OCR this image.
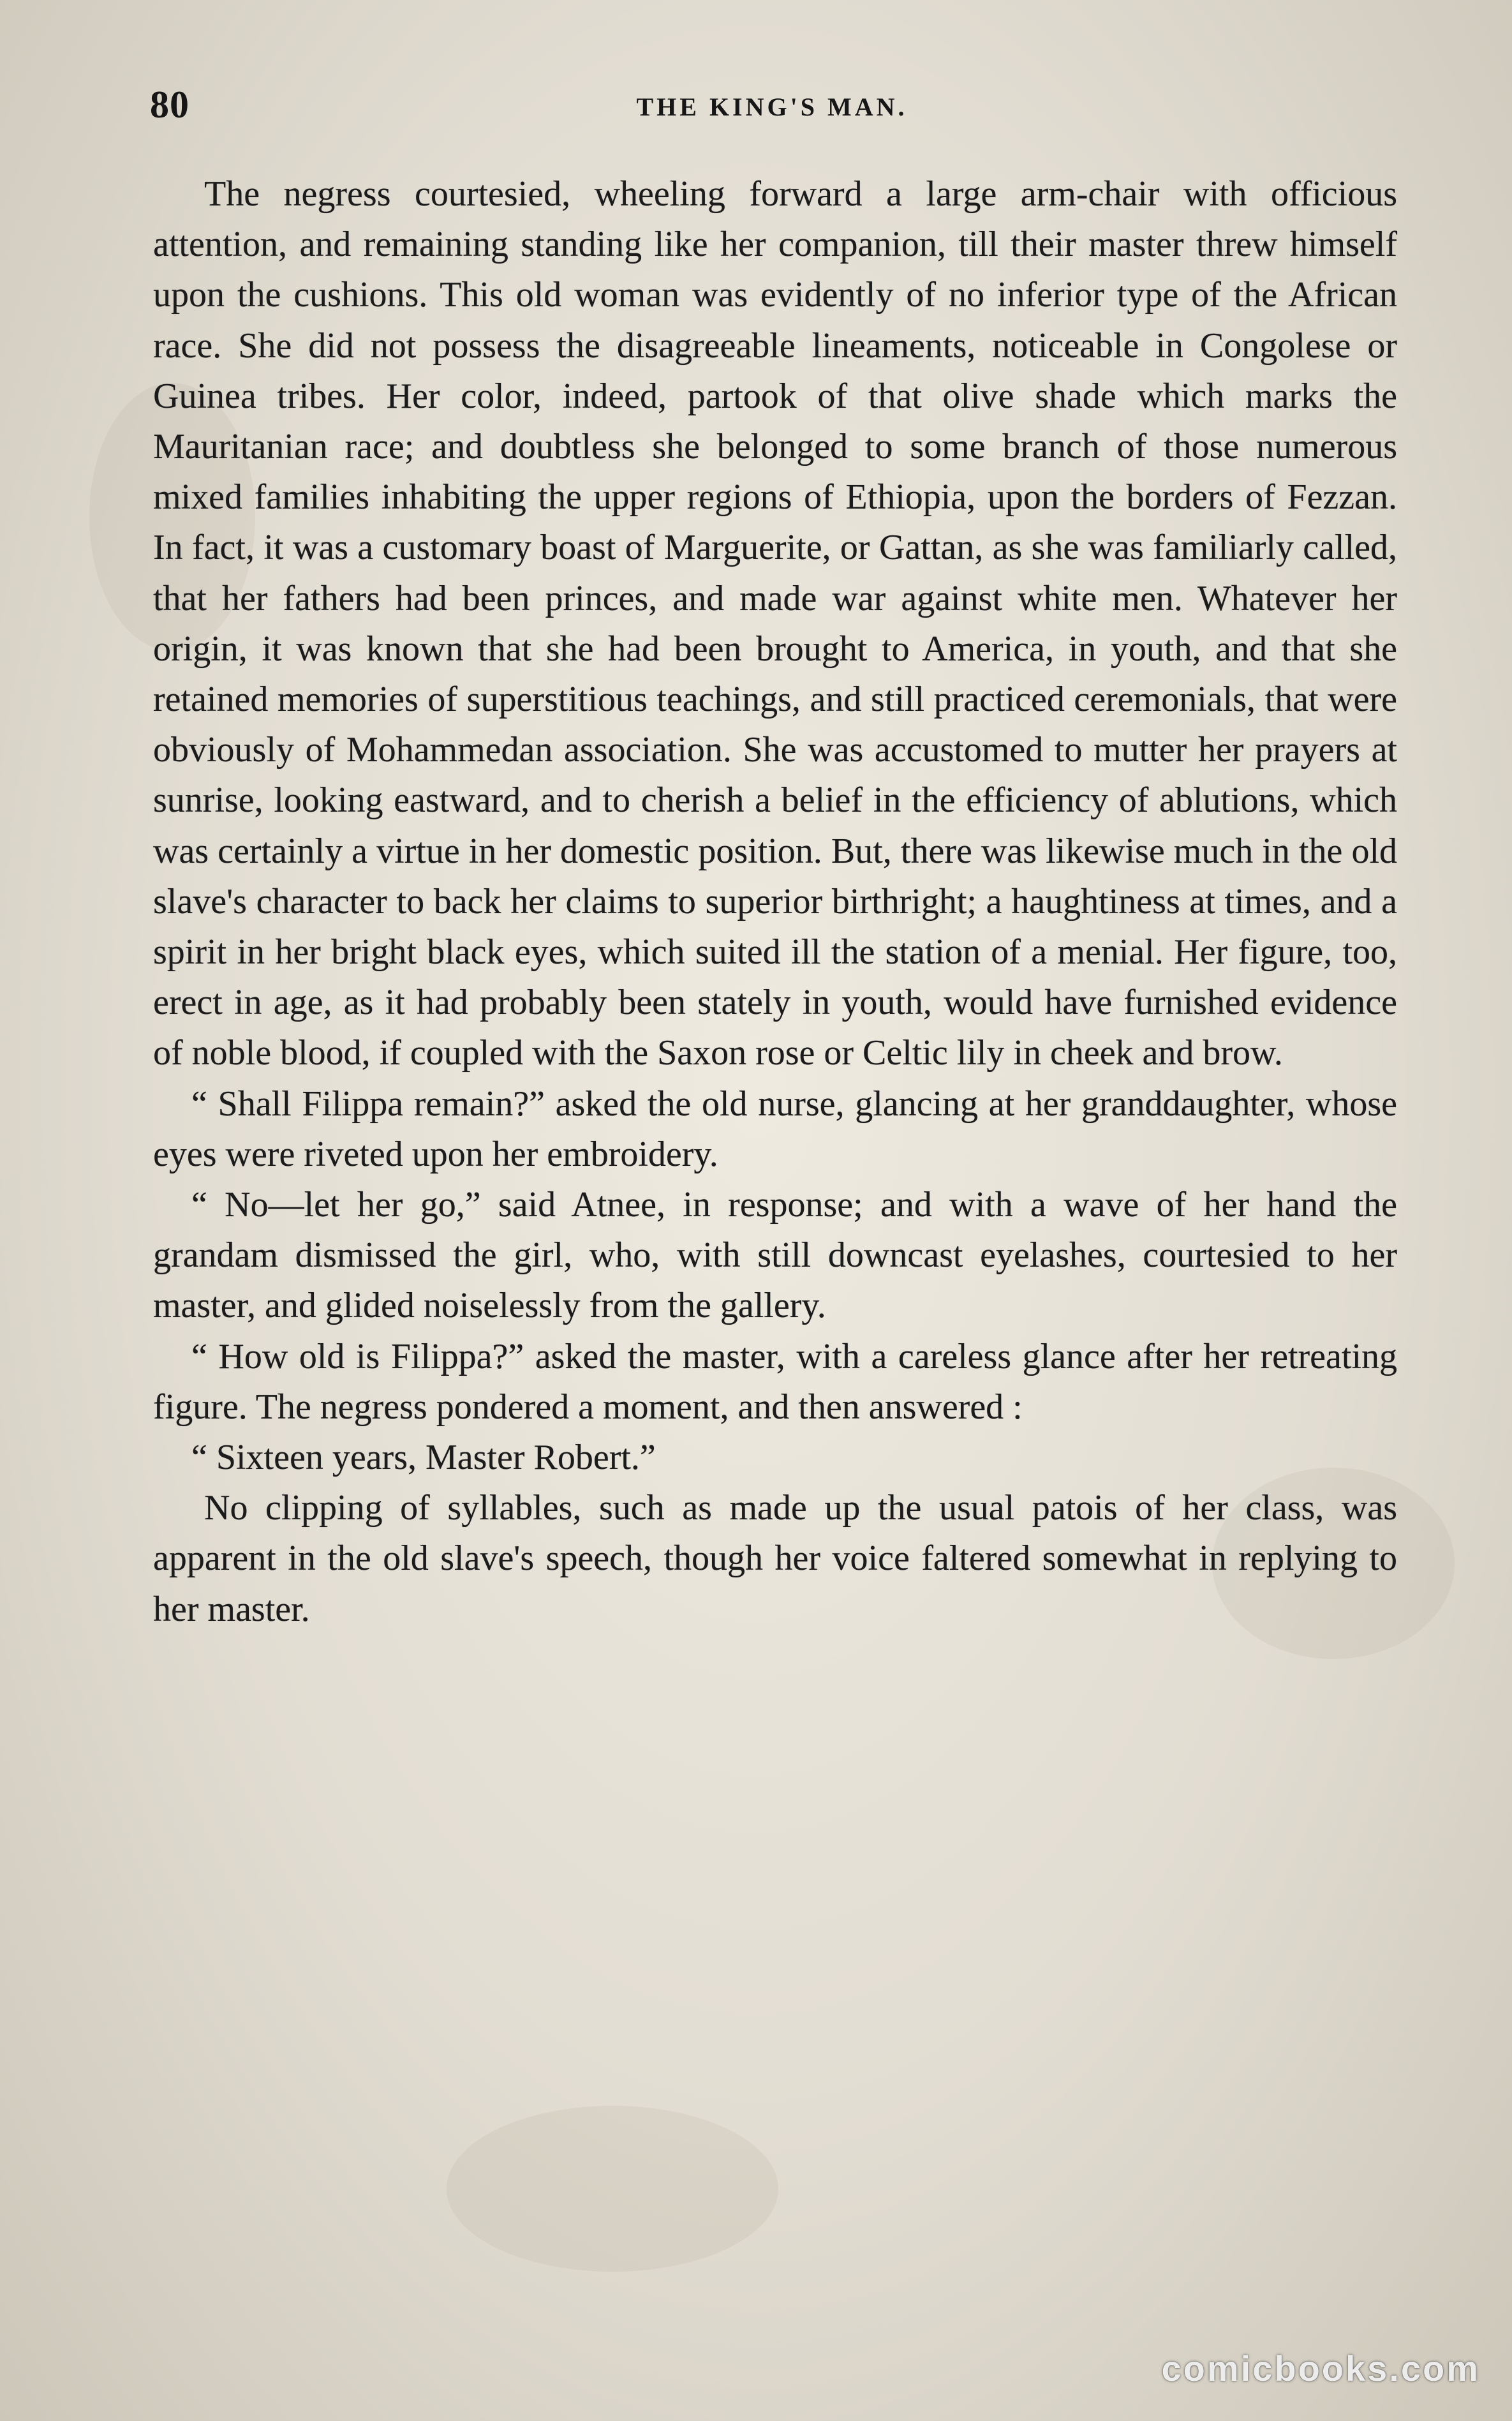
80	THE KING'S MAN.

The negress courtesied, wheeling forward a large arm-chair with officious attention, and remaining standing like her companion, till their master threw himself upon the cushions. This old woman was evidently of no inferior type of the African race. She did not possess the disagreeable lineaments, noticeable in Congolese or Guinea tribes. Her color, indeed, partook of that olive shade which marks the Mauritanian race; and doubtless she belonged to some branch of those numerous mixed families inhabiting the upper regions of Ethiopia, upon the borders of Fezzan. In fact, it was a customary boast of Marguerite, or Gattan, as she was familiarly called, that her fathers had been princes, and made war against white men. Whatever her origin, it was known that she had been brought to America, in youth, and that she retained memories of superstitious teachings, and still practiced ceremonials, that were obviously of Mohammedan association. She was accustomed to mutter her prayers at sunrise, looking eastward, and to cherish a belief in the efficiency of ablutions, which was certainly a virtue in her domestic position. But, there was likewise much in the old slave's character to back her claims to superior birthright; a haughtiness at times, and a spirit in her bright black eyes, which suited ill the station of a menial. Her figure, too, erect in age, as it had probably been stately in youth, would have furnished evidence of noble blood, if coupled with the Saxon rose or Celtic lily in cheek and brow.

“ Shall Filippa remain?” asked the old nurse, glancing at her granddaughter, whose eyes were riveted upon her embroidery.

“ No—let her go,” said Atnee, in response; and with a wave of her hand the grandam dismissed the girl, who, with still downcast eyelashes, courtesied to her master, and glided noiselessly from the gallery.

“ How old is Filippa?” asked the master, with a careless glance after her retreating figure. The negress pondered a moment, and then answered :

“ Sixteen years, Master Robert.”

No clipping of syllables, such as made up the usual patois of her class, was apparent in the old slave's speech, though her voice faltered somewhat in replying to her master.

comicbooks.com
